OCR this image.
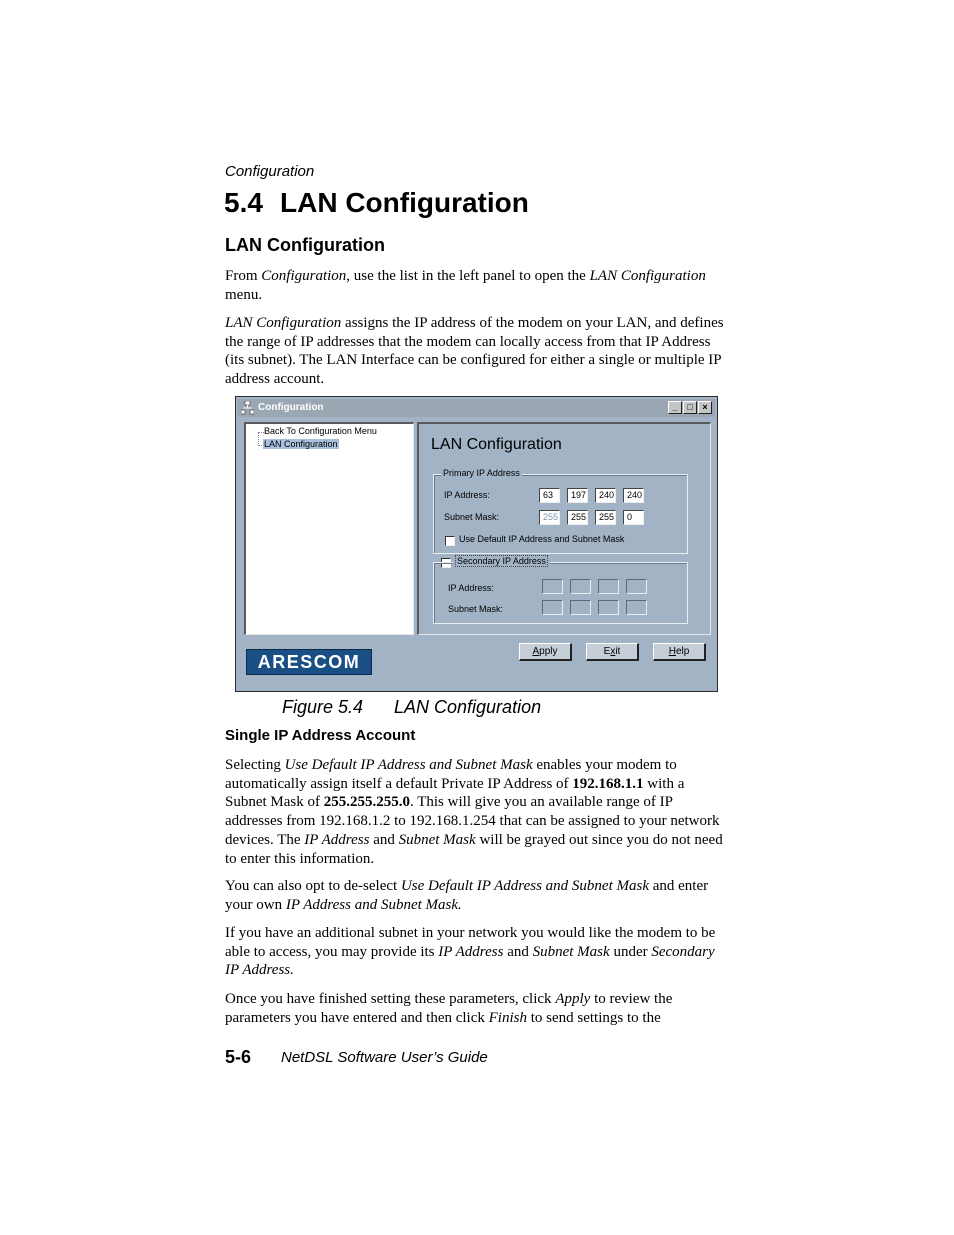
Configuration
5.4 LAN Configuration
LAN Configuration

From Configuration, use the list in the left panel to open the LAN Configuration menu.

LAN Configuration assigns the IP address of the modem on your LAN, and defines the range of IP addresses that the modem can locally access from that IP Address (its subnet). The LAN Interface can be configured for either a single or multiple IP address account.

Configuration	_	□	×
Back To Configuration Menu
LAN Configuration	LAN Configuration
Primary IP Address
IP Address:	63	197	240	240
Subnet Mask:	255	255	255	0
Use Default IP Address and Subnet Mask
Secondary IP Address
IP Address:
Subnet Mask:
ARESCOM
Apply	Exit	Help
Figure 5.4 LAN Configuration
Single IP Address Account

Selecting Use Default IP Address and Subnet Mask enables your modem to automatically assign itself a default Private IP Address of 192.168.1.1 with a Subnet Mask of 255.255.255.0. This will give you an available range of IP addresses from 192.168.1.2 to 192.168.1.254 that can be assigned to your network devices. The IP Address and Subnet Mask will be grayed out since you do not need to enter this information.

You can also opt to de-select Use Default IP Address and Subnet Mask and enter your own IP Address and Subnet Mask.

If you have an additional subnet in your network you would like the modem to be able to access, you may provide its IP Address and Subnet Mask under Secondary IP Address.

Once you have finished setting these parameters, click Apply to review the parameters you have entered and then click Finish to send settings to the

5-6 NetDSL Software User’s Guide
